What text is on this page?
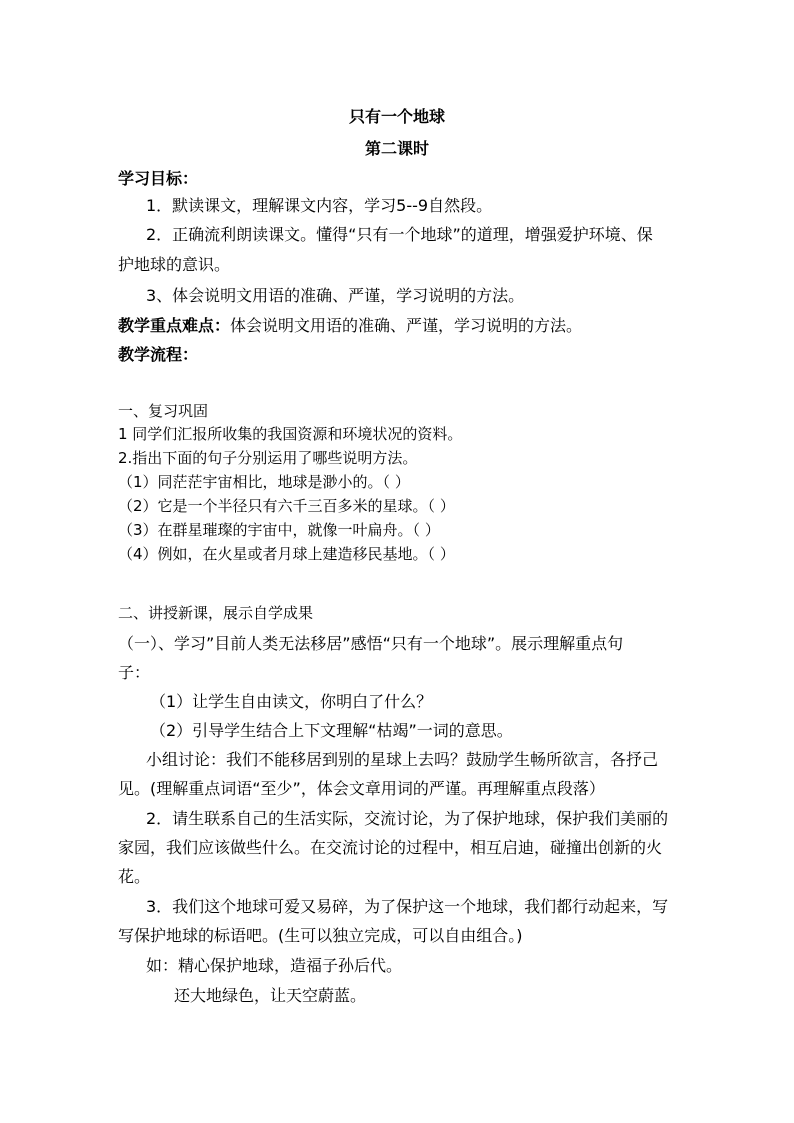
只有一个地球
第二课时
学习目标：
1．默读课文，理解课文内容，学习5--9自然段。
2．正确流利朗读课文。懂得“只有一个地球”的道理，增强爱护环境、保
护地球的意识。
3、体会说明文用语的准确、严谨，学习说明的方法。
教学重点难点：体会说明文用语的准确、严谨，学习说明的方法。
教学流程：
一、复习巩固
1 同学们汇报所收集的我国资源和环境状况的资料。
2.指出下面的句子分别运用了哪些说明方法。
（1）同茫茫宇宙相比，地球是渺小的。（ ）
（2）它是一个半径只有六千三百多米的星球。（ ）
（3）在群星璀璨的宇宙中，就像一叶扁舟。（ ）
（4）例如，在火星或者月球上建造移民基地。（ ）
二、讲授新课，展示自学成果
（一）、学习”目前人类无法移居”感悟“只有一个地球”。展示理解重点句
子：
（1）让学生自由读文，你明白了什么？
（2）引导学生结合上下文理解“枯竭”一词的意思。
小组讨论：我们不能移居到别的星球上去吗？鼓励学生畅所欲言，各抒己
见。(理解重点词语“至少”，体会文章用词的严谨。再理解重点段落）
2．请生联系自己的生活实际，交流讨论，为了保护地球，保护我们美丽的
家园，我们应该做些什么。在交流讨论的过程中，相互启迪，碰撞出创新的火
花。
3．我们这个地球可爱又易碎，为了保护这一个地球，我们都行动起来，写
写保护地球的标语吧。(生可以独立完成，可以自由组合。)
如：精心保护地球，造福子孙后代。
还大地绿色，让天空蔚蓝。
